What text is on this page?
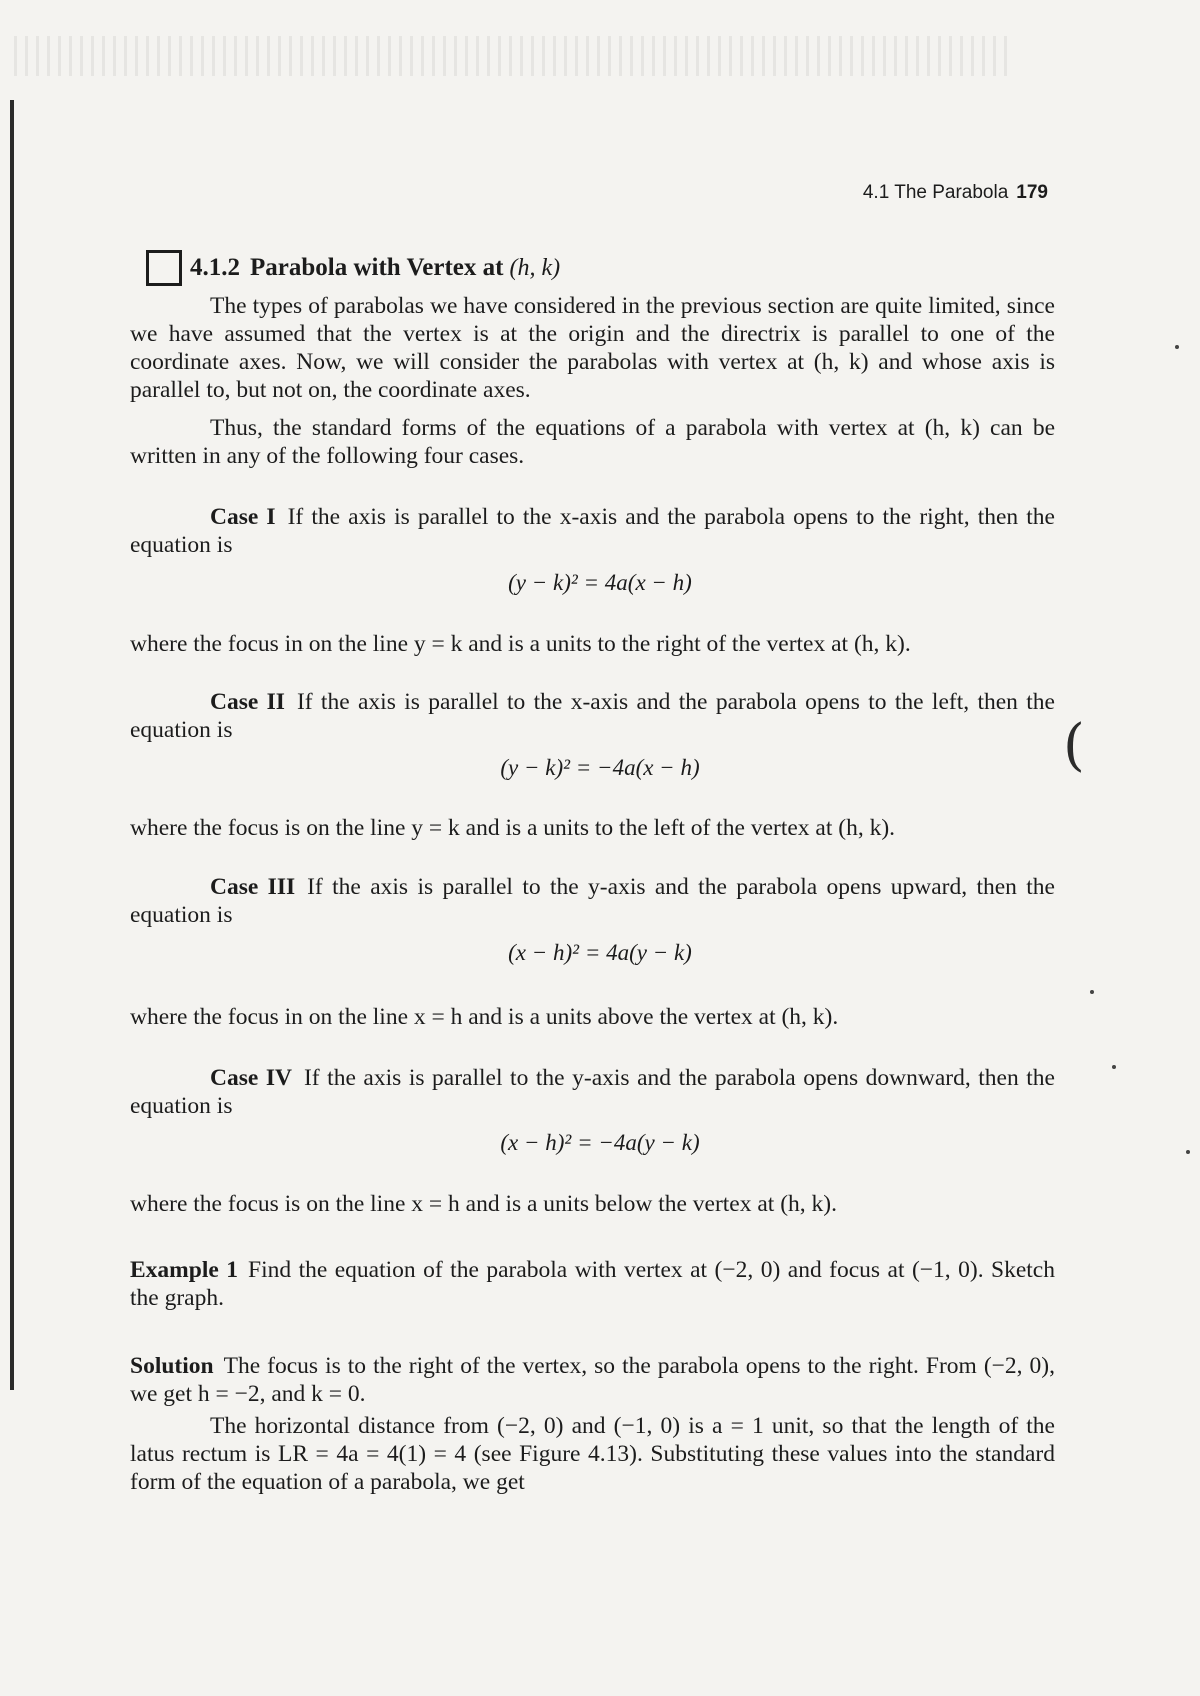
4.1 The Parabola 179
4.1.2 Parabola with Vertex at (h, k)
The types of parabolas we have considered in the previous section are quite limited, since we have assumed that the vertex is at the origin and the directrix is parallel to one of the coordinate axes. Now, we will consider the parabolas with vertex at (h, k) and whose axis is parallel to, but not on, the coordinate axes.
Thus, the standard forms of the equations of a parabola with vertex at (h, k) can be written in any of the following four cases.
Case I If the axis is parallel to the x-axis and the parabola opens to the right, then the equation is
(y − k)² = 4a(x − h)
where the focus in on the line y = k and is a units to the right of the vertex at (h, k).
Case II If the axis is parallel to the x-axis and the parabola opens to the left, then the equation is
(y − k)² = −4a(x − h)
where the focus is on the line y = k and is a units to the left of the vertex at (h, k).
Case III If the axis is parallel to the y-axis and the parabola opens upward, then the equation is
(x − h)² = 4a(y − k)
where the focus in on the line x = h and is a units above the vertex at (h, k).
Case IV If the axis is parallel to the y-axis and the parabola opens downward, then the equation is
(x − h)² = −4a(y − k)
where the focus is on the line x = h and is a units below the vertex at (h, k).
Example 1 Find the equation of the parabola with vertex at (−2, 0) and focus at (−1, 0). Sketch the graph.
Solution The focus is to the right of the vertex, so the parabola opens to the right. From (−2, 0), we get h = −2, and k = 0.
The horizontal distance from (−2, 0) and (−1, 0) is a = 1 unit, so that the length of the latus rectum is LR = 4a = 4(1) = 4 (see Figure 4.13). Substituting these values into the standard form of the equation of a parabola, we get
(
